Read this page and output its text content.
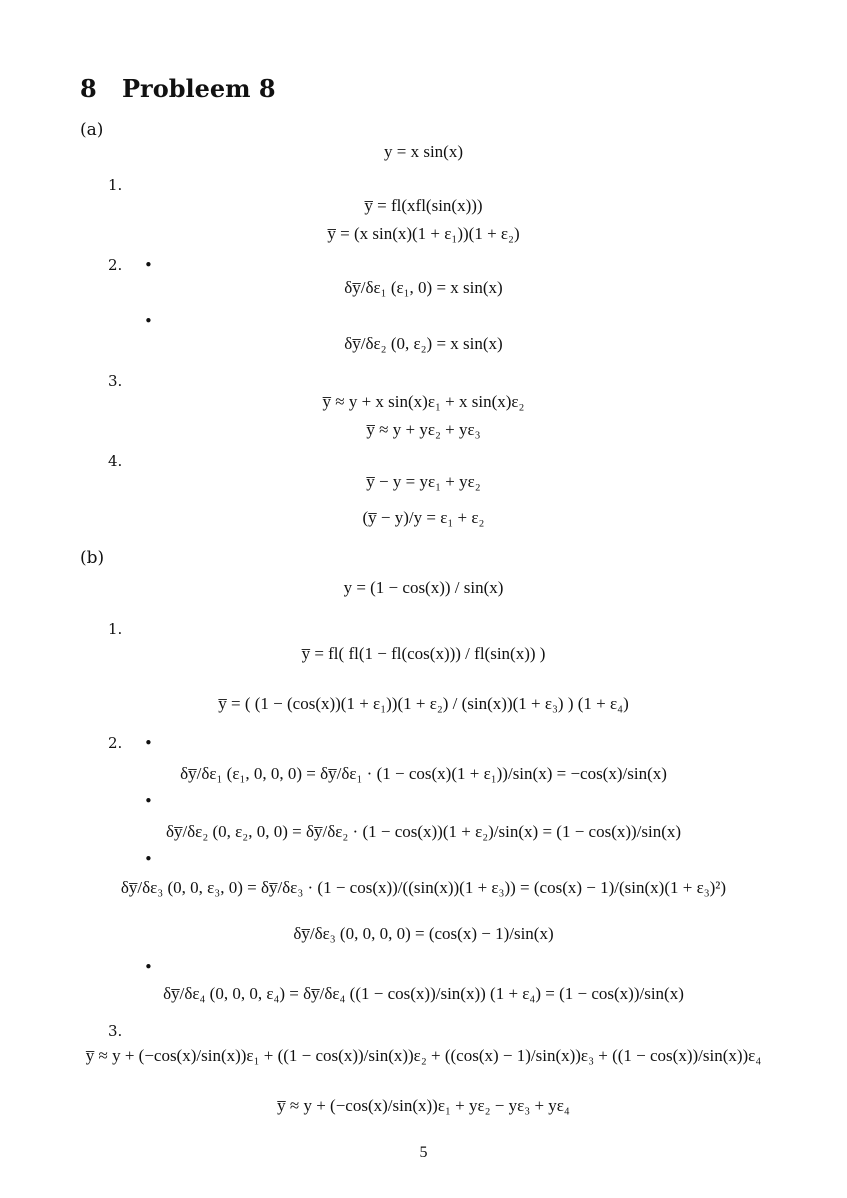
8 Probleem 8
(a)
y = x sin(x)
1.
y̅ = fl(xfl(sin(x)))
y̅ = (x sin(x)(1 + ε₁))(1 + ε₂)
2. •
δy̅/δε₁ (ε₁, 0) = x sin(x)
•
δy̅/δε₂ (0, ε₂) = x sin(x)
3.
y̅ ≈ y + x sin(x)ε₁ + x sin(x)ε₂
y̅ ≈ y + yε₂ + yε₃
4.
y̅ − y = yε₁ + yε₂
(y̅ − y)/y = ε₁ + ε₂
(b)
y = (1 − cos(x)) / sin(x)
1.
y̅ = fl( fl(1 − fl(cos(x))) / fl(sin(x)) )
y̅ = ( (1 − (cos(x))(1 + ε₁))(1 + ε₂) / (sin(x))(1 + ε₃) ) (1 + ε₄)
2. •
δy̅/δε₁ (ε₁, 0, 0, 0) = δy̅/δε₁ · (1 − cos(x)(1 + ε₁))/sin(x) = −cos(x)/sin(x)
•
δy̅/δε₂ (0, ε₂, 0, 0) = δy̅/δε₂ · (1 − cos(x))(1 + ε₂)/sin(x) = (1 − cos(x))/sin(x)
•
δy̅/δε₃ (0, 0, ε₃, 0) = δy̅/δε₃ · (1 − cos(x))/((sin(x))(1 + ε₃)) = (cos(x) − 1)/(sin(x)(1 + ε₃)²)
δy̅/δε₃ (0, 0, 0, 0) = (cos(x) − 1)/sin(x)
•
δy̅/δε₄ (0, 0, 0, ε₄) = δy̅/δε₄ ((1 − cos(x))/sin(x)) (1 + ε₄) = (1 − cos(x))/sin(x)
3.
y̅ ≈ y + (−cos(x)/sin(x))ε₁ + ((1 − cos(x))/sin(x))ε₂ + ((cos(x) − 1)/sin(x))ε₃ + ((1 − cos(x))/sin(x))ε₄
y̅ ≈ y + (−cos(x)/sin(x))ε₁ + yε₂ − yε₃ + yε₄
5
